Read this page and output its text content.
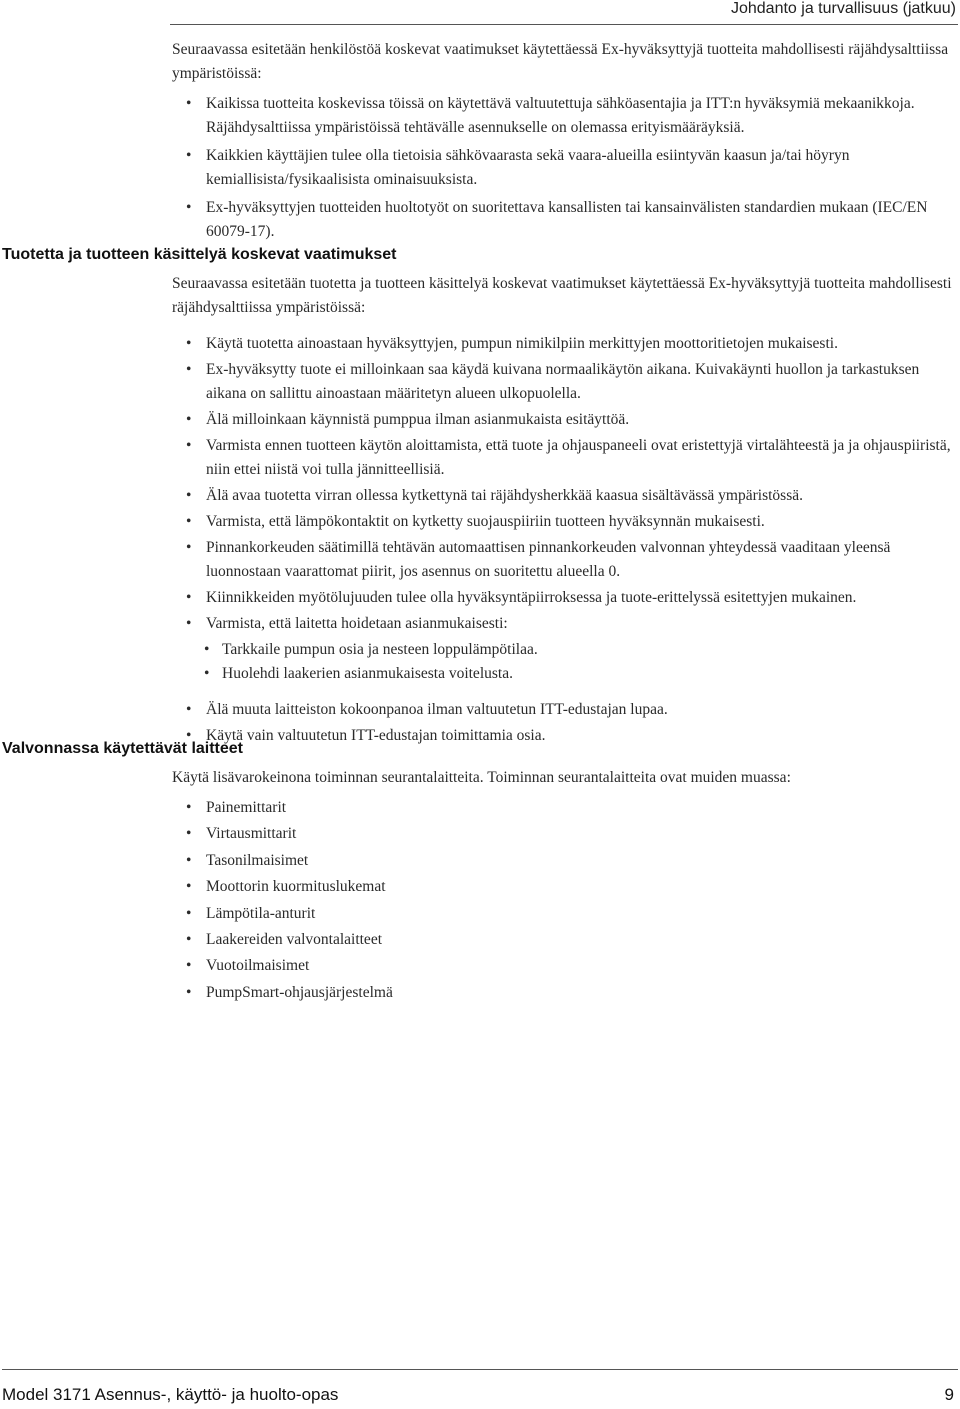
Johdanto ja turvallisuus (jatkuu)

Seuraavassa esitetään henkilöstöä koskevat vaatimukset käytettäessä Ex-hyväksyttyjä tuotteita mahdollisesti räjähdysalttiissa ympäristöissä:

• Kaikissa tuotteita koskevissa töissä on käytettävä valtuutettuja sähköasentajia ja ITT:n hyväksymiä mekaanikkoja. Räjähdysalttiissa ympäristöissä tehtävälle asennukselle on olemassa erityismääräyksiä.
• Kaikkien käyttäjien tulee olla tietoisia sähkövaarasta sekä vaara-alueilla esiintyvän kaasun ja/tai höyryn kemiallisista/fysikaalisista ominaisuuksista.
• Ex-hyväksyttyjen tuotteiden huoltotyöt on suoritettava kansallisten tai kansainvälisten standardien mukaan (IEC/EN 60079-17).
Tuotetta ja tuotteen käsittelyä koskevat vaatimukset

Seuraavassa esitetään tuotetta ja tuotteen käsittelyä koskevat vaatimukset käytettäessä Ex-hyväksyttyjä tuotteita mahdollisesti räjähdysalttiissa ympäristöissä:

• Käytä tuotetta ainoastaan hyväksyttyjen, pumpun nimikilpiin merkittyjen moottoritietojen mukaisesti.
• Ex-hyväksytty tuote ei milloinkaan saa käydä kuivana normaalikäytön aikana. Kuivakäynti huollon ja tarkastuksen aikana on sallittu ainoastaan määritetyn alueen ulkopuolella.
• Älä milloinkaan käynnistä pumppua ilman asianmukaista esitäyttöä.
• Varmista ennen tuotteen käytön aloittamista, että tuote ja ohjauspaneeli ovat eristettyjä virtalähteestä ja ja ohjauspiiristä, niin ettei niistä voi tulla jännitteellisiä.
• Älä avaa tuotetta virran ollessa kytkettynä tai räjähdysherkkää kaasua sisältävässä ympäristössä.
• Varmista, että lämpökontaktit on kytketty suojauspiiriin tuotteen hyväksynnän mukaisesti.
• Pinnankorkeuden säätimillä tehtävän automaattisen pinnankorkeuden valvonnan yhteydessä vaaditaan yleensä luonnostaan vaarattomat piirit, jos asennus on suoritettu alueella 0.
• Kiinnikkeiden myötölujuuden tulee olla hyväksyntäpiirroksessa ja tuote-erittelyssä esitettyjen mukainen.
• Varmista, että laitetta hoidetaan asianmukaisesti:
• Tarkkaile pumpun osia ja nesteen loppulämpötilaa.
• Huolehdi laakerien asianmukaisesta voitelusta.
• Älä muuta laitteiston kokoonpanoa ilman valtuutetun ITT-edustajan lupaa.
• Käytä vain valtuutetun ITT-edustajan toimittamia osia.
Valvonnassa käytettävät laitteet

Käytä lisävarokeinona toiminnan seurantalaitteita. Toiminnan seurantalaitteita ovat muiden muassa:

• Painemittarit
• Virtausmittarit
• Tasonilmaisimet
• Moottorin kuormituslukemat
• Lämpötila-anturit
• Laakereiden valvontalaitteet
• Vuotoilmaisimet
• PumpSmart-ohjausjärjestelmä
Model 3171 Asennus-, käyttö- ja huolto-opas	9
